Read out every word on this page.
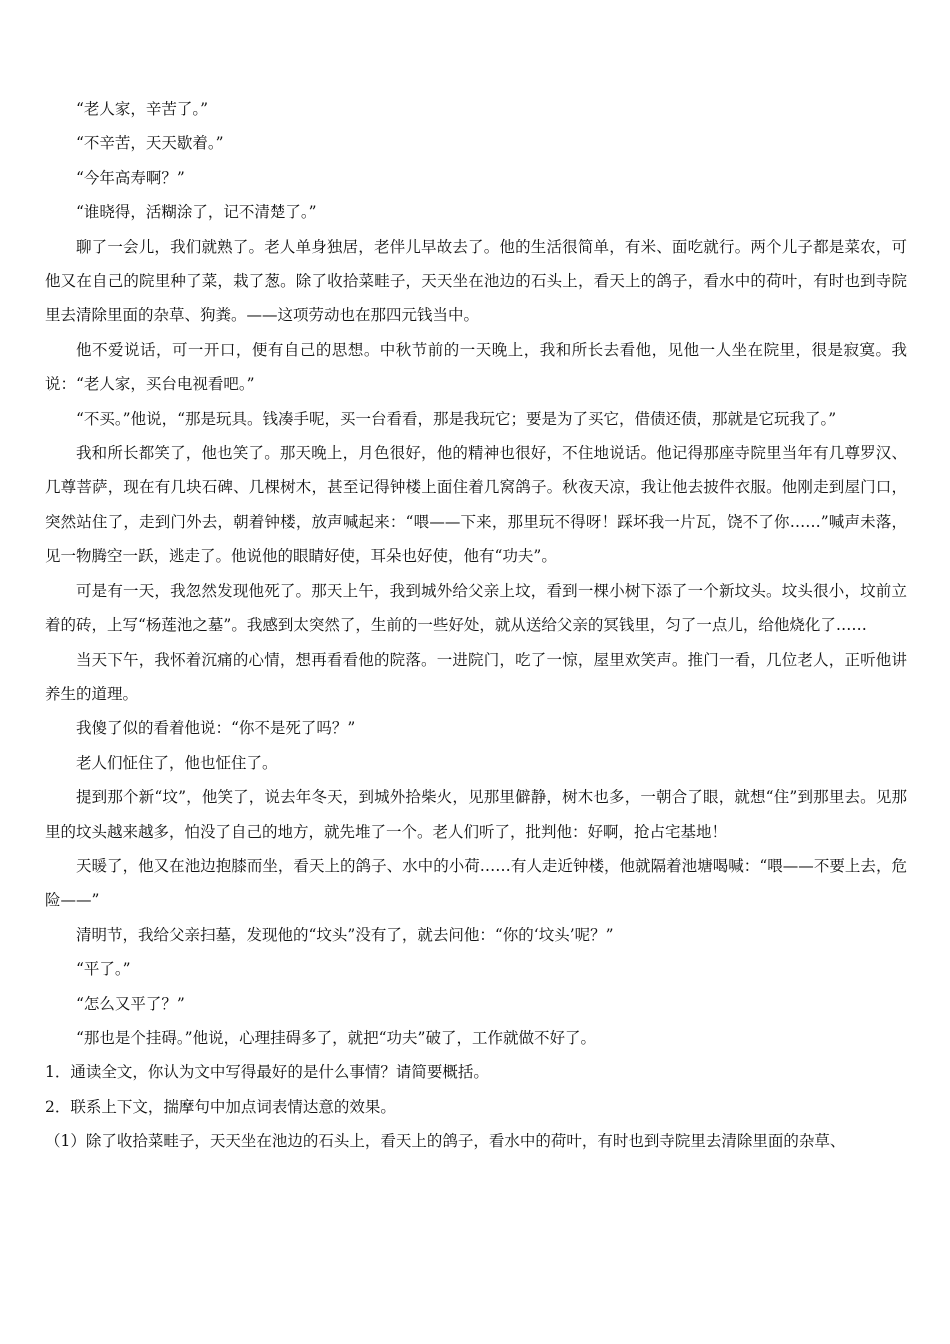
“老人家，辛苦了。”

“不辛苦，天天歇着。”

“今年高寿啊？”

“谁晓得，活糊涂了，记不清楚了。”

聊了一会儿，我们就熟了。老人单身独居，老伴儿早故去了。他的生活很简单，有米、面吃就行。两个儿子都是菜农，可他又在自己的院里种了菜，栽了葱。除了收拾菜畦子，天天坐在池边的石头上，看天上的鸽子，看水中的荷叶，有时也到寺院里去清除里面的杂草、狗粪。——这项劳动也在那四元钱当中。

他不爱说话，可一开口，便有自己的思想。中秋节前的一天晚上，我和所长去看他，见他一人坐在院里，很是寂寞。我说：“老人家，买台电视看吧。”

“不买。”他说，“那是玩具。钱凑手呢，买一台看看，那是我玩它；要是为了买它，借债还债，那就是它玩我了。”

我和所长都笑了，他也笑了。那天晚上，月色很好，他的精神也很好，不住地说话。他记得那座寺院里当年有几尊罗汉、几尊菩萨，现在有几块石碑、几棵树木，甚至记得钟楼上面住着几窝鸽子。秋夜天凉，我让他去披件衣服。他刚走到屋门口，突然站住了，走到门外去，朝着钟楼，放声喊起来：“喂——下来，那里玩不得呀！踩坏我一片瓦，饶不了你……”喊声未落，见一物腾空一跃，逃走了。他说他的眼睛好使，耳朵也好使，他有“功夫”。

可是有一天，我忽然发现他死了。那天上午，我到城外给父亲上坟，看到一棵小树下添了一个新坟头。坟头很小，坟前立着的砖，上写“杨莲池之墓”。我感到太突然了，生前的一些好处，就从送给父亲的冥钱里，匀了一点儿，给他烧化了……

当天下午，我怀着沉痛的心情，想再看看他的院落。一进院门，吃了一惊，屋里欢笑声。推门一看，几位老人，正听他讲养生的道理。

我傻了似的看着他说：“你不是死了吗？”

老人们怔住了，他也怔住了。

提到那个新“坟”，他笑了，说去年冬天，到城外拾柴火，见那里僻静，树木也多，一朝合了眼，就想“住”到那里去。见那里的坟头越来越多，怕没了自己的地方，就先堆了一个。老人们听了，批判他：好啊，抢占宅基地！

天暖了，他又在池边抱膝而坐，看天上的鸽子、水中的小荷……有人走近钟楼，他就隔着池塘喝喊：“喂——不要上去，危险——”

清明节，我给父亲扫墓，发现他的“坟头”没有了，就去问他：“你的‘坟头’呢？”

“平了。”

“怎么又平了？”

“那也是个挂碍。”他说，心理挂碍多了，就把“功夫”破了，工作就做不好了。

1．通读全文，你认为文中写得最好的是什么事情？请简要概括。

2．联系上下文，揣摩句中加点词表情达意的效果。

（1）除了收拾菜畦子，天天坐在池边的石头上，看天上的鸽子，看水中的荷叶，有时也到寺院里去清除里面的杂草、
